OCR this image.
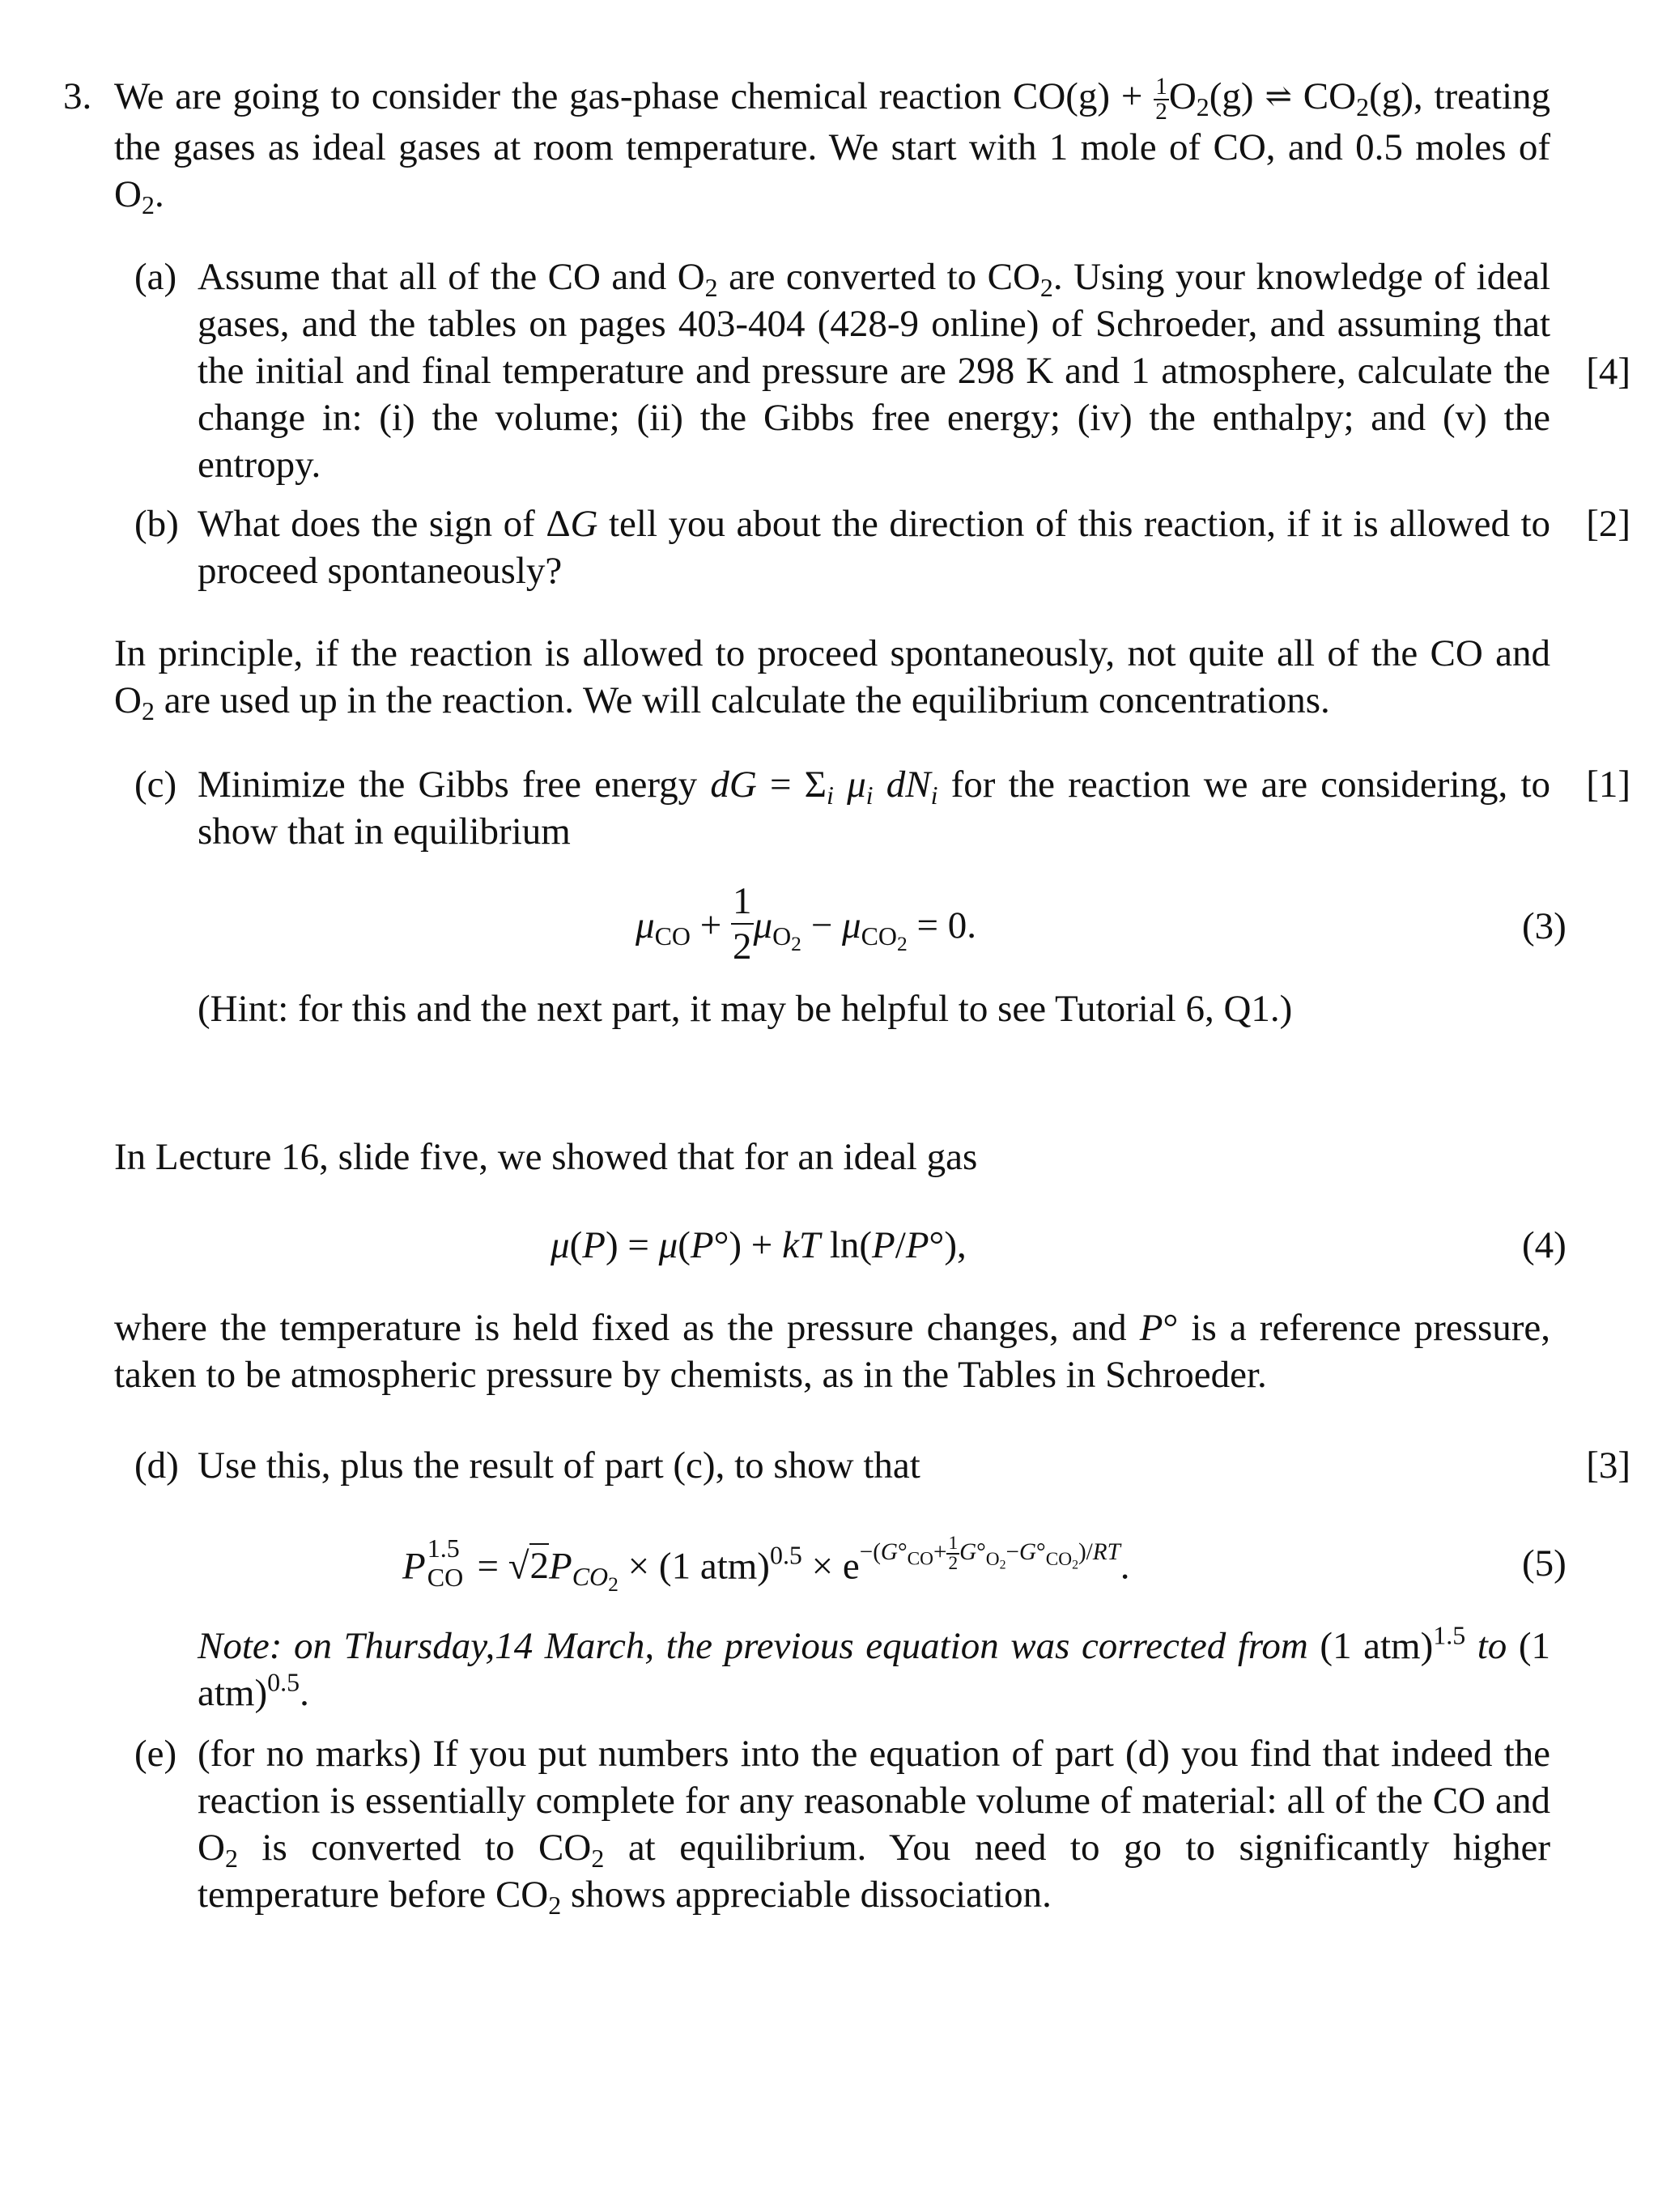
3. We are going to consider the gas-phase chemical reaction $CO(g) + \frac{1}{2} O_2(g)$ ⇌ $CO_2(g)$, treating the gases as ideal gases at room temperature. We start with 1 mole of CO, and 0.5 moles of $O_2$.
(a) Assume that all of the CO and $O_2$ are converted to $CO_2$. Using your knowledge of ideal gases, and the tables on pages 403-404 (428-9 online) of Schroeder, and assuming that the initial and final temperature and pressure are 298 K and 1 atmosphere, calculate the change in: (i) the volume; (ii) the Gibbs free energy; (iv) the enthalpy; and (v) the entropy.
[4]
(b) What does the sign of ΔG tell you about the direction of this reaction, if it is allowed to proceed spontaneously?
[2]
In principle, if the reaction is allowed to proceed spontaneously, not quite all of the CO and $O_2$ are used up in the reaction. We will calculate the equilibrium concentrations.
(c) Minimize the Gibbs free energy dG = $\Sigma_i$ $\mu_i$ $dN_i$ for the reaction we are considering, to show that in equilibrium
[1]
$\mu_{CO} + \frac{1}{2} \mu_{O_2} - \mu_{CO_2} = 0$.	(3)
(Hint: for this and the next part, it may be helpful to see Tutorial 6, Q1.)
In Lecture 16, slide five, we showed that for an ideal gas
μ(P) = μ(P°) + kT ln(P/P°),	(4)
where the temperature is held fixed as the pressure changes, and P° is a reference pressure, taken to be atmospheric pressure by chemists, as in the Tables in Schroeder.
(d) Use this, plus the result of part (c), to show that	[3]
P 1.5
CO = $√2P_{CO_2} \times (1$ $atm)^{0.5} \times e^{-(G^\circ_{CO}+ \frac{1}{2} G^\circ_{O_2}-G^\circ_{CO_2})/RT}$.	(5)
Note: on Thursday,14 March, the previous equation was corrected from (1 atm)$^{1.5}$ to (1 atm)$^{0.5}$.
(e) (for no marks) If you put numbers into the equation of part (d) you find that indeed the reaction is essentially complete for any reasonable volume of material: all of the CO and $O_2$ is converted to $CO_2$ at equilibrium. You need to go to significantly higher temperature before $CO_2$ shows appreciable dissociation.
